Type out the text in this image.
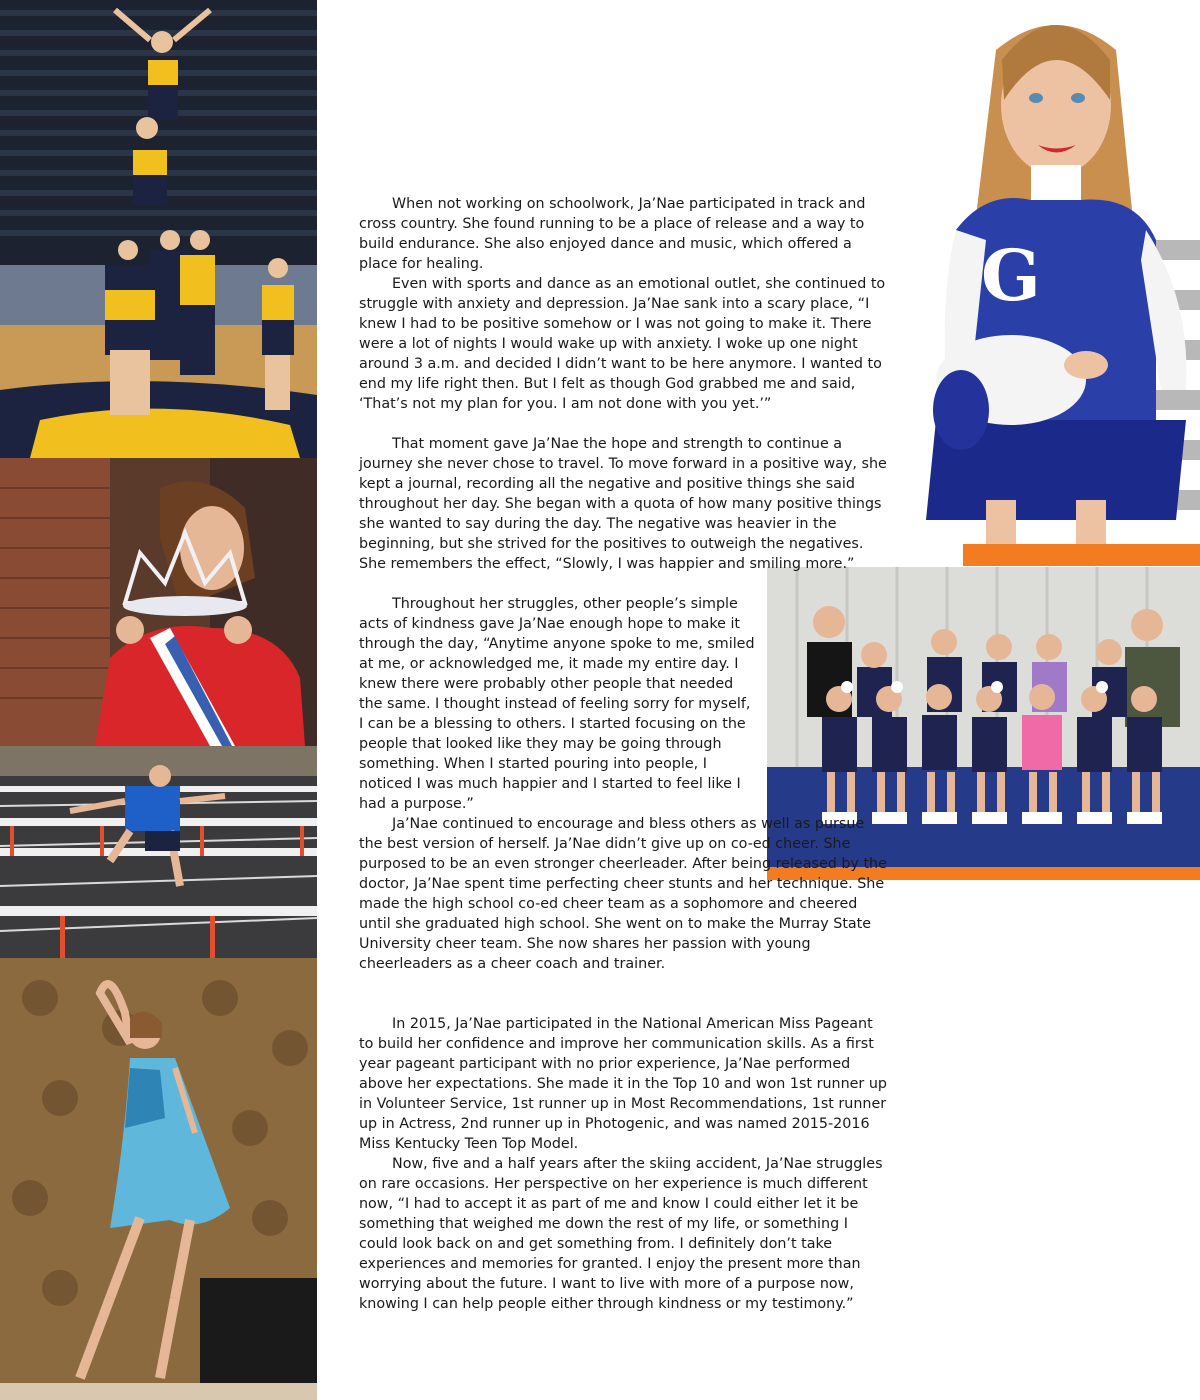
G

When not working on schoolwork, Ja’Nae participated in track and cross country. She found running to be a place of release and a way to build endurance. She also enjoyed dance and music, which offered a place for healing.

Even with sports and dance as an emotional outlet, she continued to struggle with anxiety and depression. Ja’Nae sank into a scary place, “I knew I had to be positive somehow or I was not going to make it. There were a lot of nights I would wake up with anxiety. I woke up one night around 3 a.m. and decided I didn’t want to be here anymore. I wanted to end my life right then. But I felt as though God grabbed me and said, ‘That’s not my plan for you. I am not done with you yet.’”

That moment gave Ja’Nae the hope and strength to continue a journey she never chose to travel. To move forward in a positive way, she kept a journal, recording all the negative and positive things she said throughout her day. She began with a quota of how many positive things she wanted to say during the day. The negative was heavier in the beginning, but she strived for the positives to outweigh the negatives. She remembers the effect, “Slowly, I was happier and smiling more.”

Throughout her struggles, other people’s simple acts of kindness gave Ja’Nae enough hope to make it through the day, “Anytime anyone spoke to me, smiled at me, or acknowledged me, it made my entire day. I knew there were probably other people that needed the same. I thought instead of feeling sorry for myself, I can be a blessing to others. I started focusing on the people that looked like they may be going through something. When I started pouring into people, I noticed I was much happier and I started to feel like I had a purpose.”

Ja’Nae continued to encourage and bless others as well as pursue the best version of herself. Ja’Nae didn’t give up on co-ed cheer. She purposed to be an even stronger cheerleader. After being released by the doctor, Ja’Nae spent time perfecting cheer stunts and her technique. She made the high school co-ed cheer team as a sophomore and cheered until she graduated high school. She went on to make the Murray State University cheer team. She now shares her passion with young cheerleaders as a cheer coach and trainer.

In 2015, Ja’Nae participated in the National American Miss Pageant to build her confidence and improve her communication skills. As a first year pageant participant with no prior experience, Ja’Nae performed above her expectations. She made it in the Top 10 and won 1st runner up in Volunteer Service, 1st runner up in Most Recommendations, 1st runner up in Actress, 2nd runner up in Photogenic, and was named 2015-2016 Miss Kentucky Teen Top Model.

Now, five and a half years after the skiing accident, Ja’Nae struggles on rare occasions. Her perspective on her experience is much different now, “I had to accept it as part of me and know I could either let it be something that weighed me down the rest of my life, or something I could look back on and get something from. I definitely don’t take experiences and memories for granted. I enjoy the present more than worrying about the future. I want to live with more of a purpose now, knowing I can help people either through kindness or my testimony.”
